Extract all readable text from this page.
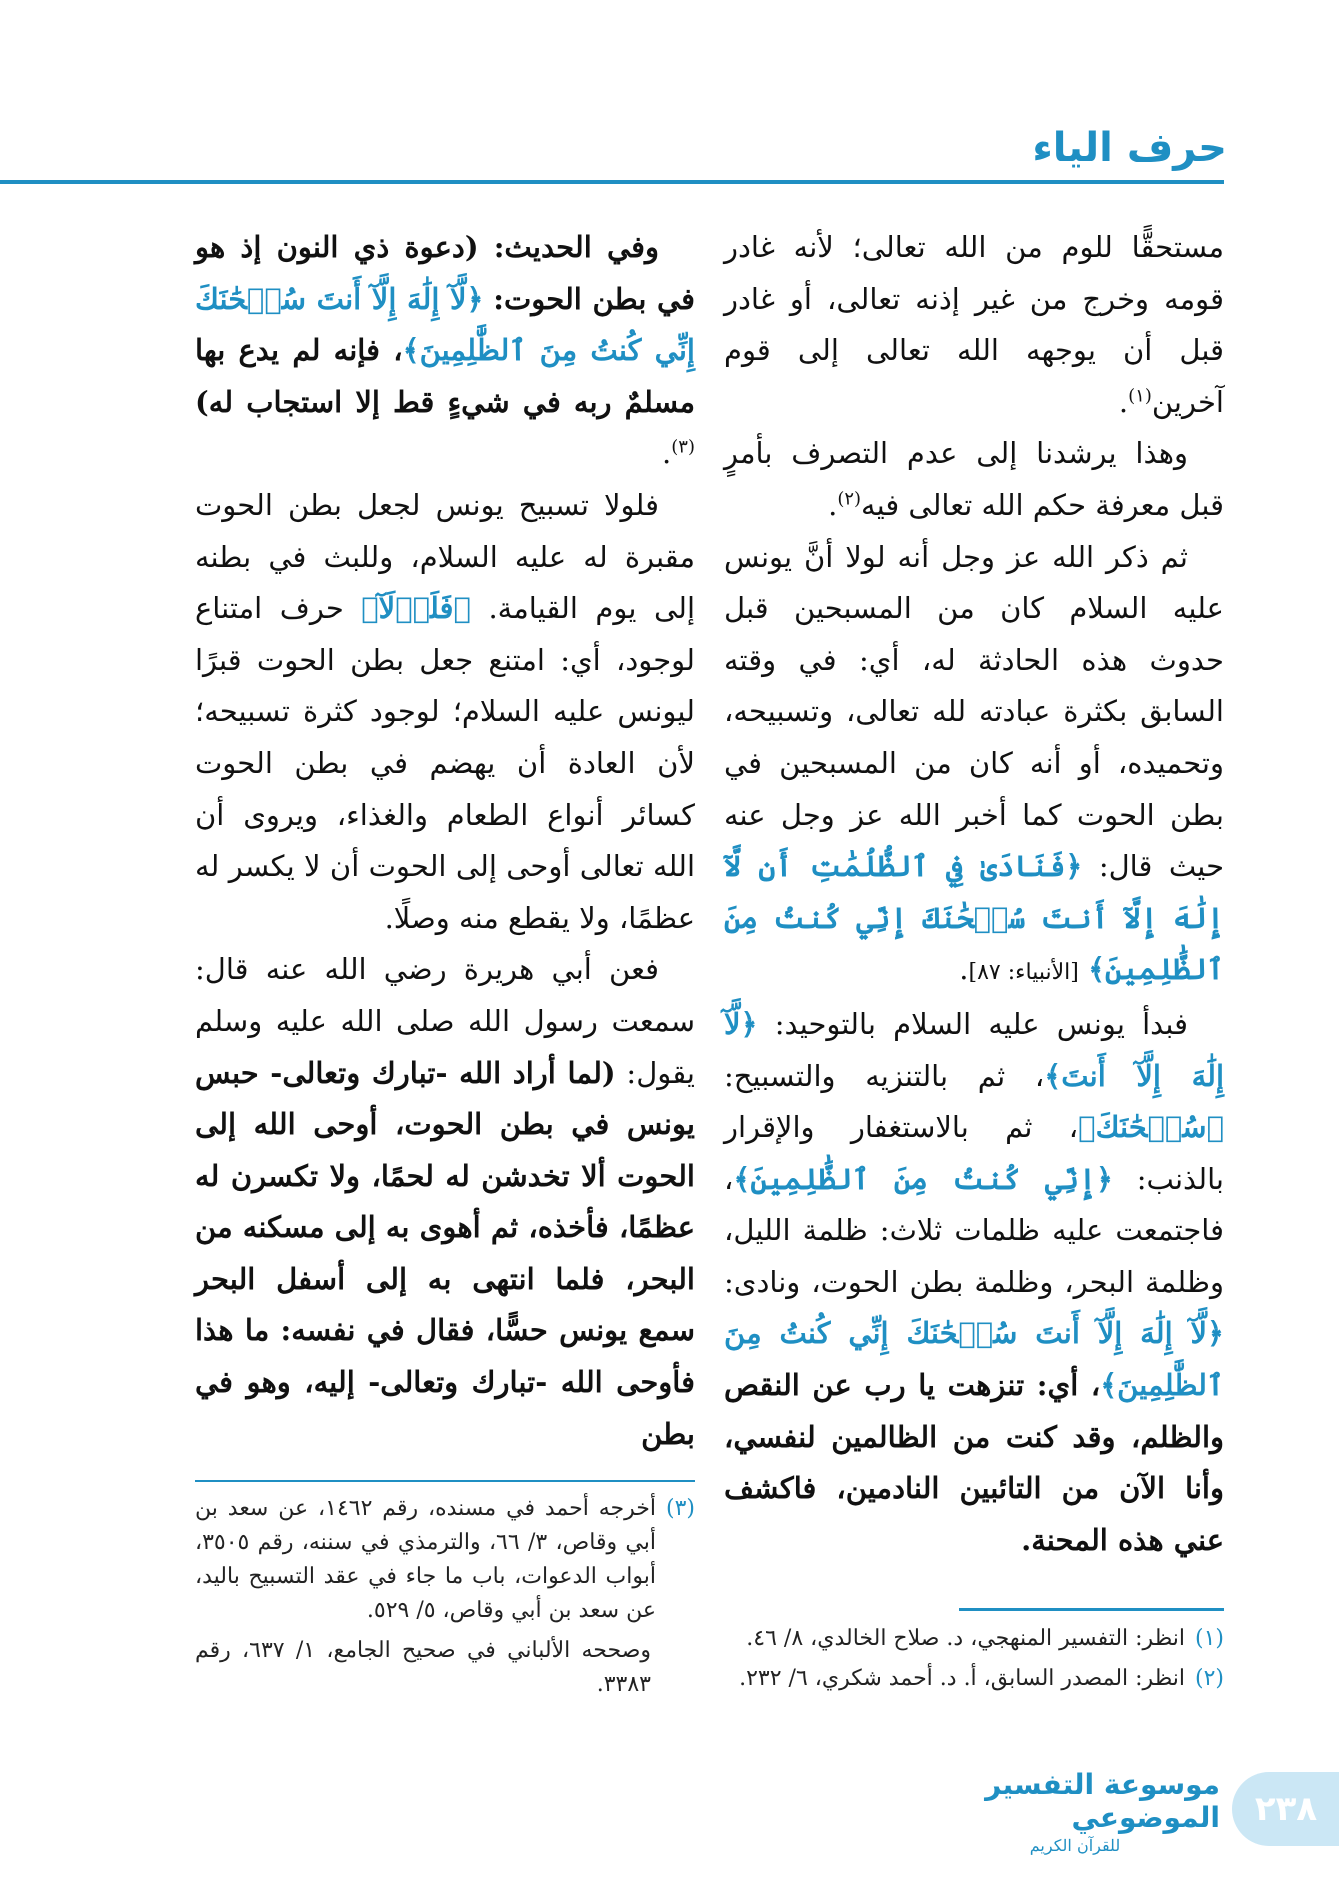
حرف الياء

مستحقًّا للوم من الله تعالى؛ لأنه غادر قومه وخرج من غير إذنه تعالى، أو غادر قبل أن يوجهه الله تعالى إلى قوم آخرين$^{(١)}$.

وهذا يرشدنا إلى عدم التصرف بأمرٍ قبل معرفة حكم الله تعالى فيه$^{(٢)}$.

ثم ذكر الله عز وجل أنه لولا أنَّ يونس عليه السلام كان من المسبحين قبل حدوث هذه الحادثة له، أي: في وقته السابق بكثرة عبادته لله تعالى، وتسبيحه، وتحميده، أو أنه كان من المسبحين في بطن الحوت كما أخبر الله عز وجل عنه حيث قال: ﴿فَنَادَىٰ فِي ٱلظُّلُمَٰتِ أَن لَّآ إِلَٰهَ إِلَّآ أَنتَ سُبۡحَٰنَكَ إِنِّي كُنتُ مِنَ ٱلظَّٰلِمِينَ﴾ [الأنبياء: ٨٧].

فبدأ يونس عليه السلام بالتوحيد: ﴿لَّآ إِلَٰهَ إِلَّآ أَنتَ﴾، ثم بالتنزيه والتسبيح: ﴿سُبۡحَٰنَكَ﴾، ثم بالاستغفار والإقرار بالذنب: ﴿إِنِّي كُنتُ مِنَ ٱلظَّٰلِمِينَ﴾، فاجتمعت عليه ظلمات ثلاث: ظلمة الليل، وظلمة البحر، وظلمة بطن الحوت، ونادى: ﴿لَّآ إِلَٰهَ إِلَّآ أَنتَ سُبۡحَٰنَكَ إِنِّي كُنتُ مِنَ ٱلظَّٰلِمِينَ﴾، أي: تنزهت يا رب عن النقص والظلم، وقد كنت من الظالمين لنفسي، وأنا الآن من التائبين النادمين، فاكشف عني هذه المحنة.

(١)
انظر: التفسير المنهجي، د. صلاح الخالدي، ٨/ ٤٦.
(٢)
انظر: المصدر السابق، أ. د. أحمد شكري، ٦/ ٢٣٢.

وفي الحديث: (دعوة ذي النون إذ هو في بطن الحوت: ﴿لَّآ إِلَٰهَ إِلَّآ أَنتَ سُبۡحَٰنَكَ إِنِّي كُنتُ مِنَ ٱلظَّٰلِمِينَ﴾، فإنه لم يدع بها مسلمٌ ربه في شيءٍ قط إلا استجاب له)$^{(٣)}$.

فلولا تسبيح يونس لجعل بطن الحوت مقبرة له عليه السلام، وللبث في بطنه إلى يوم القيامة. ﴿فَلَوۡلَآ﴾ حرف امتناع لوجود، أي: امتنع جعل بطن الحوت قبرًا ليونس عليه السلام؛ لوجود كثرة تسبيحه؛ لأن العادة أن يهضم في بطن الحوت كسائر أنواع الطعام والغذاء، ويروى أن الله تعالى أوحى إلى الحوت أن لا يكسر له عظمًا، ولا يقطع منه وصلًا.

فعن أبي هريرة رضي الله عنه قال: سمعت رسول الله صلى الله عليه وسلم يقول: (لما أراد الله -تبارك وتعالى- حبس يونس في بطن الحوت، أوحى الله إلى الحوت ألا تخدشن له لحمًا، ولا تكسرن له عظمًا، فأخذه، ثم أهوى به إلى مسكنه من البحر، فلما انتهى به إلى أسفل البحر سمع يونس حسًّا، فقال في نفسه: ما هذا فأوحى الله -تبارك وتعالى- إليه، وهو في بطن

(٣)
أخرجه أحمد في مسنده، رقم ١٤٦٢، عن سعد بن أبي وقاص، ٣/ ٦٦، والترمذي في سننه، رقم ٣٥٠٥، أبواب الدعوات، باب ما جاء في عقد التسبيح باليد، عن سعد بن أبي وقاص، ٥/ ٥٢٩.
وصححه الألباني في صحيح الجامع، ١/ ٦٣٧، رقم ٣٣٨٣.
موسوعة التفسير الموضوعي
للقرآن الكريم
٢٣٨
